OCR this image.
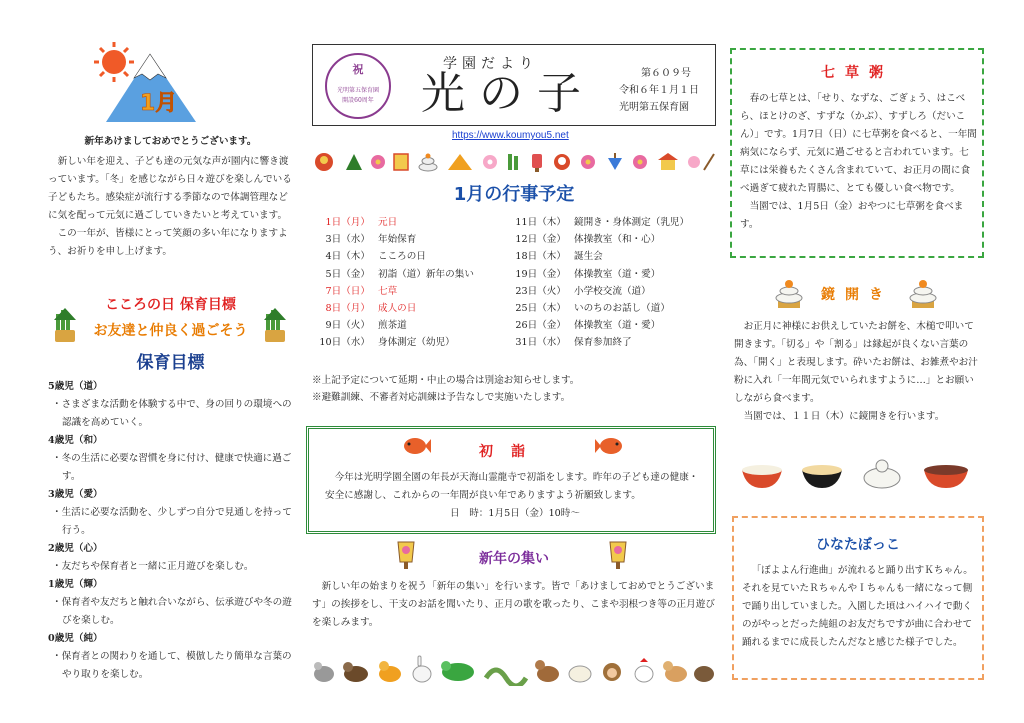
1月

新年あけましておめでとうございます。

新しい年を迎え、子ども達の元気な声が園内に響き渡っています。「冬」を感じながら日々遊びを楽しんでいる子どもたち。感染症が流行する季節なので体調管理などに気を配って元気に過ごしていきたいと考えています。

この一年が、皆様にとって笑顔の多い年になりますよう、お祈りを申し上げます。

こころの日 保育目標
お友達と仲良く過ごそう
保育目標
5歳児（道）
・さまざまな活動を体験する中で、身の回りの環境への認識を高めていく。
4歳児（和）
・冬の生活に必要な習慣を身に付け、健康で快適に過ごす。
3歳児（愛）
・生活に必要な活動を、少しずつ自分で見通しを持って行う。
2歳児（心）
・友だちや保育者と一緒に正月遊びを楽しむ。
1歳児（輝）
・保育者や友だちと触れ合いながら、伝承遊びや冬の遊びを楽しむ。
0歳児（純）
・保育者との関わりを通して、模倣したり簡単な言葉のやり取りを楽しむ。
祝
光明第五保育園
開設60周年
学園だより
光の子	第６０９号
令和６年１月１日
光明第五保育園
https://www.koumyou5.net
1月の行事予定
1日（月） 元日
3日（水） 年始保育
4日（木） こころの日
5日（金） 初詣（道）新年の集い
7日（日） 七草
8日（月） 成人の日
9日（火） 煎茶道
10日（水） 身体測定（幼児）
11日（木） 鏡開き・身体測定（乳児）
12日（金） 体操教室（和・心）
18日（木） 誕生会
19日（金） 体操教室（道・愛）
23日（火） 小学校交流（道）
25日（木） いのちのお話し（道）
26日（金） 体操教室（道・愛）
31日（水） 保育参加終了
※上記予定について延期・中止の場合は別途お知らせします。
※避難訓練、不審者対応訓練は予告なしで実施いたします。
初詣
今年は光明学園全園の年長が天海山霊龍寺で初詣をします。昨年の子ども達の健康・安全に感謝し、これからの一年間が良い年でありますよう祈願致します。
日　時：1月5日（金）10時～
新年の集い
新しい年の始まりを祝う「新年の集い」を行います。皆で「あけましておめでとうございます」の挨拶をし、干支のお話を聞いたり、正月の歌を歌ったり、こまや羽根つき等の正月遊びを楽しみます。
七草粥

春の七草とは、「せり、なずな、ごぎょう、はこべら、ほとけのざ、すずな（かぶ）、すずしろ（だいこん）」です。1月7日（日）に七草粥を食べると、一年間病気にならず、元気に過ごせると言われています。七草には栄養もたくさん含まれていて、お正月の間に食べ過ぎて疲れた胃腸に、とても優しい食べ物です。

当園では、1月5日（金）おやつに七草粥を食べます。

鏡開き

お正月に神様にお供えしていたお餅を、木槌で叩いて開きます。「切る」や「割る」は縁起が良くない言葉の為、「開く」と表現します。砕いたお餅は、お雑煮やお汁粉に入れ「一年間元気でいられますように…」とお願いしながら食べます。

当園では、１１日（木）に鏡開きを行います。

ひなたぼっこ
「ぼよよん行進曲」が流れると踊り出すＫちゃん。それを見ていたＲちゃんやＩちゃんも一緒になって側で踊り出していました。入園した頃はハイハイで動くのがやっとだった純組のお友だちですが曲に合わせて踊れるまでに成長したんだなと感じた様子でした。
